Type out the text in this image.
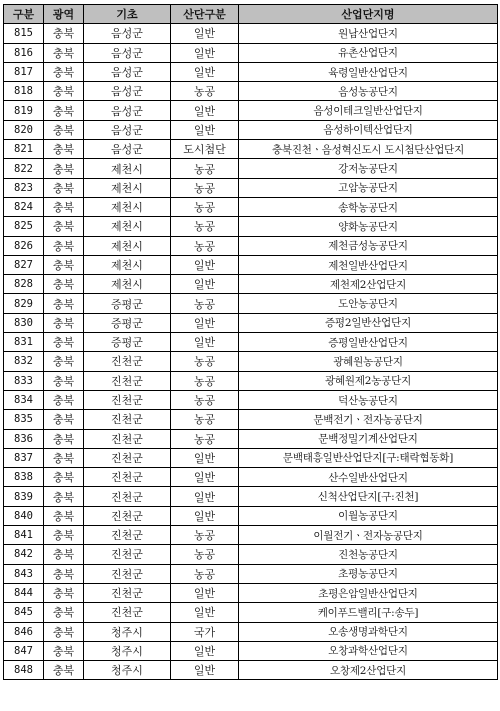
구분	광역	기초	산단구분	산업단지명
815	충북	음성군	일반	원남산업단지
816	충북	음성군	일반	유촌산업단지
817	충북	음성군	일반	육령일반산업단지
818	충북	음성군	농공	음성농공단지
819	충북	음성군	일반	음성이테크일반산업단지
820	충북	음성군	일반	음성하이텍산업단지
821	충북	음성군	도시첨단	충북진천ㆍ음성혁신도시 도시첨단산업단지
822	충북	제천시	농공	강저농공단지
823	충북	제천시	농공	고암농공단지
824	충북	제천시	농공	송학농공단지
825	충북	제천시	농공	양화농공단지
826	충북	제천시	농공	제천금성농공단지
827	충북	제천시	일반	제천일반산업단지
828	충북	제천시	일반	제천제2산업단지
829	충북	증평군	농공	도안농공단지
830	충북	증평군	일반	증평2일반산업단지
831	충북	증평군	일반	증평일반산업단지
832	충북	진천군	농공	광혜원농공단지
833	충북	진천군	농공	광혜원제2농공단지
834	충북	진천군	농공	덕산농공단지
835	충북	진천군	농공	문백전기ㆍ전자농공단지
836	충북	진천군	농공	문백정밀기계산업단지
837	충북	진천군	일반	문백태흥일반산업단지[구:태락협동화]
838	충북	진천군	일반	산수일반산업단지
839	충북	진천군	일반	신척산업단지[구:진천]
840	충북	진천군	일반	이월농공단지
841	충북	진천군	농공	이월전기ㆍ전자농공단지
842	충북	진천군	농공	진천농공단지
843	충북	진천군	농공	초평농공단지
844	충북	진천군	일반	초평은암일반산업단지
845	충북	진천군	일반	케이푸드밸리[구:송두]
846	충북	청주시	국가	오송생명과학단지
847	충북	청주시	일반	오창과학산업단지
848	충북	청주시	일반	오창제2산업단지
